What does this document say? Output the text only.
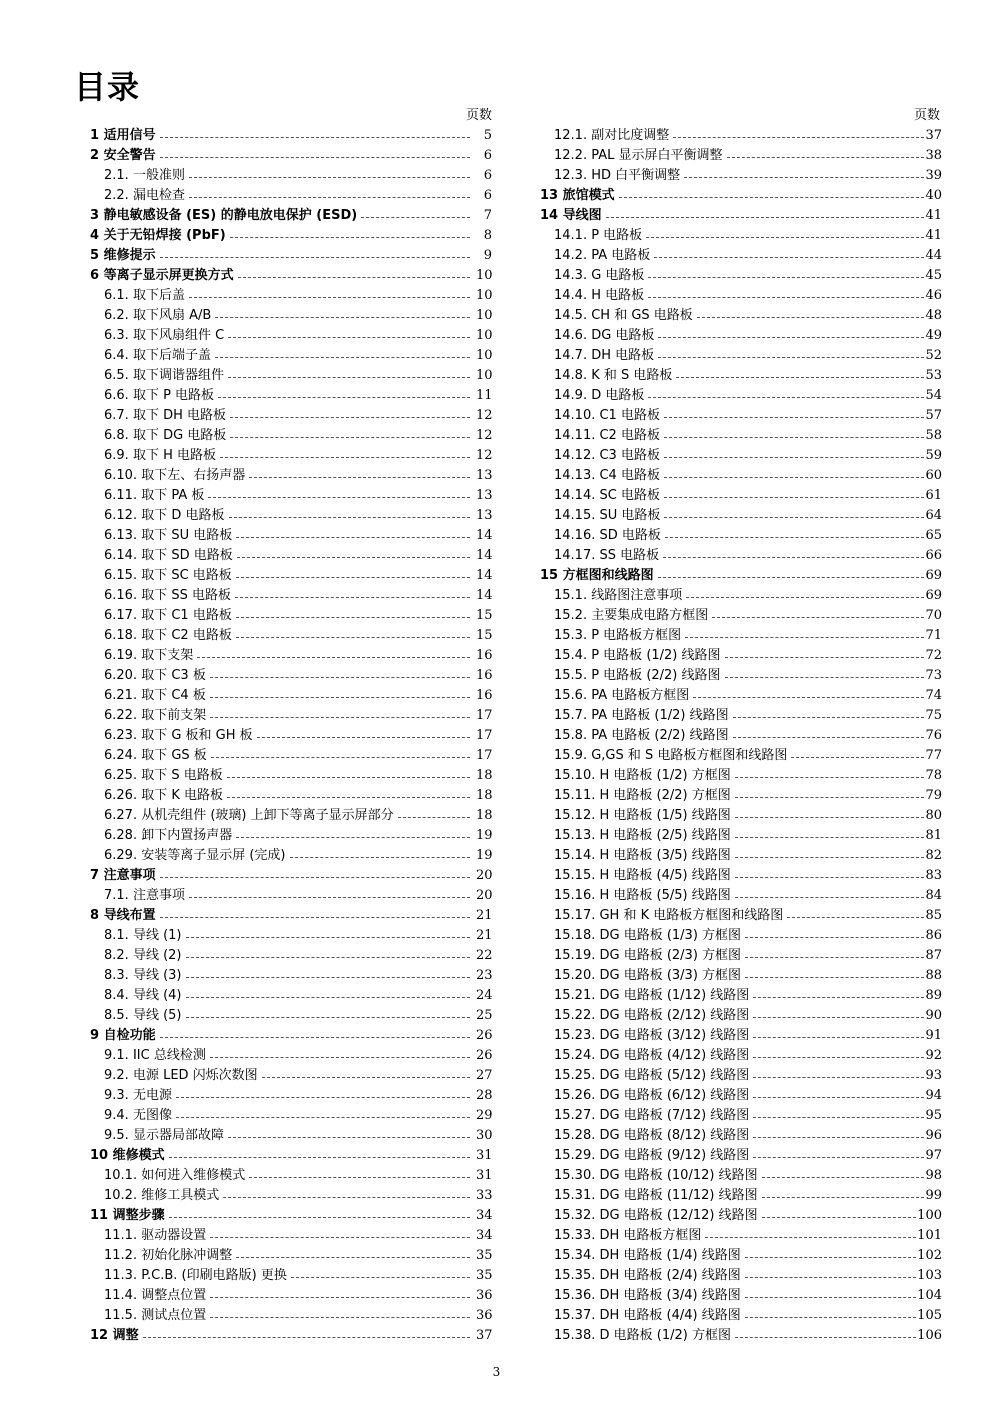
目录
页数
1 适用信号	5
2 安全警告	6
2.1. 一般准则	6
2.2. 漏电检查	6
3 静电敏感设备 (ES) 的静电放电保护 (ESD)	7
4 关于无铅焊接 (PbF)	8
5 维修提示	9
6 等离子显示屏更换方式	10
6.1. 取下后盖	10
6.2. 取下风扇 A/B	10
6.3. 取下风扇组件 C	10
6.4. 取下后端子盖	10
6.5. 取下调谐器组件	10
6.6. 取下 P 电路板	11
6.7. 取下 DH 电路板	12
6.8. 取下 DG 电路板	12
6.9. 取下 H 电路板	12
6.10. 取下左、右扬声器	13
6.11. 取下 PA 板	13
6.12. 取下 D 电路板	13
6.13. 取下 SU 电路板	14
6.14. 取下 SD 电路板	14
6.15. 取下 SC 电路板	14
6.16. 取下 SS 电路板	14
6.17. 取下 C1 电路板	15
6.18. 取下 C2 电路板	15
6.19. 取下支架	16
6.20. 取下 C3 板	16
6.21. 取下 C4 板	16
6.22. 取下前支架	17
6.23. 取下 G 板和 GH 板	17
6.24. 取下 GS 板	17
6.25. 取下 S 电路板	18
6.26. 取下 K 电路板	18
6.27. 从机壳组件 (玻璃) 上卸下等离子显示屏部分	18
6.28. 卸下内置扬声器	19
6.29. 安装等离子显示屏 (完成)	19
7 注意事项	20
7.1. 注意事项	20
8 导线布置	21
8.1. 导线 (1)	21
8.2. 导线 (2)	22
8.3. 导线 (3)	23
8.4. 导线 (4)	24
8.5. 导线 (5)	25
9 自检功能	26
9.1. IIC 总线检测	26
9.2. 电源 LED 闪烁次数图	27
9.3. 无电源	28
9.4. 无图像	29
9.5. 显示器局部故障	30
10 维修模式	31
10.1. 如何进入维修模式	31
10.2. 维修工具模式	33
11 调整步骤	34
11.1. 驱动器设置	34
11.2. 初始化脉冲调整	35
11.3. P.C.B. (印刷电路版) 更换	35
11.4. 调整点位置	36
11.5. 测试点位置	36
12 调整	37
页数
12.1. 副对比度调整	37
12.2. PAL 显示屏白平衡调整	38
12.3. HD 白平衡调整	39
13 旅馆模式	40
14 导线图	41
14.1. P 电路板	41
14.2. PA 电路板	44
14.3. G 电路板	45
14.4. H 电路板	46
14.5. CH 和 GS 电路板	48
14.6. DG 电路板	49
14.7. DH 电路板	52
14.8. K 和 S 电路板	53
14.9. D 电路板	54
14.10. C1 电路板	57
14.11. C2 电路板	58
14.12. C3 电路板	59
14.13. C4 电路板	60
14.14. SC 电路板	61
14.15. SU 电路板	64
14.16. SD 电路板	65
14.17. SS 电路板	66
15 方框图和线路图	69
15.1. 线路图注意事项	69
15.2. 主要集成电路方框图	70
15.3. P 电路板方框图	71
15.4. P 电路板 (1/2) 线路图	72
15.5. P 电路板 (2/2) 线路图	73
15.6. PA 电路板方框图	74
15.7. PA 电路板 (1/2) 线路图	75
15.8. PA 电路板 (2/2) 线路图	76
15.9. G,GS 和 S 电路板方框图和线路图	77
15.10. H 电路板 (1/2) 方框图	78
15.11. H 电路板 (2/2) 方框图	79
15.12. H 电路板 (1/5) 线路图	80
15.13. H 电路板 (2/5) 线路图	81
15.14. H 电路板 (3/5) 线路图	82
15.15. H 电路板 (4/5) 线路图	83
15.16. H 电路板 (5/5) 线路图	84
15.17. GH 和 K 电路板方框图和线路图	85
15.18. DG 电路板 (1/3) 方框图	86
15.19. DG 电路板 (2/3) 方框图	87
15.20. DG 电路板 (3/3) 方框图	88
15.21. DG 电路板 (1/12) 线路图	89
15.22. DG 电路板 (2/12) 线路图	90
15.23. DG 电路板 (3/12) 线路图	91
15.24. DG 电路板 (4/12) 线路图	92
15.25. DG 电路板 (5/12) 线路图	93
15.26. DG 电路板 (6/12) 线路图	94
15.27. DG 电路板 (7/12) 线路图	95
15.28. DG 电路板 (8/12) 线路图	96
15.29. DG 电路板 (9/12) 线路图	97
15.30. DG 电路板 (10/12) 线路图	98
15.31. DG 电路板 (11/12) 线路图	99
15.32. DG 电路板 (12/12) 线路图	100
15.33. DH 电路板方框图	101
15.34. DH 电路板 (1/4) 线路图	102
15.35. DH 电路板 (2/4) 线路图	103
15.36. DH 电路板 (3/4) 线路图	104
15.37. DH 电路板 (4/4) 线路图	105
15.38. D 电路板 (1/2) 方框图	106
3
